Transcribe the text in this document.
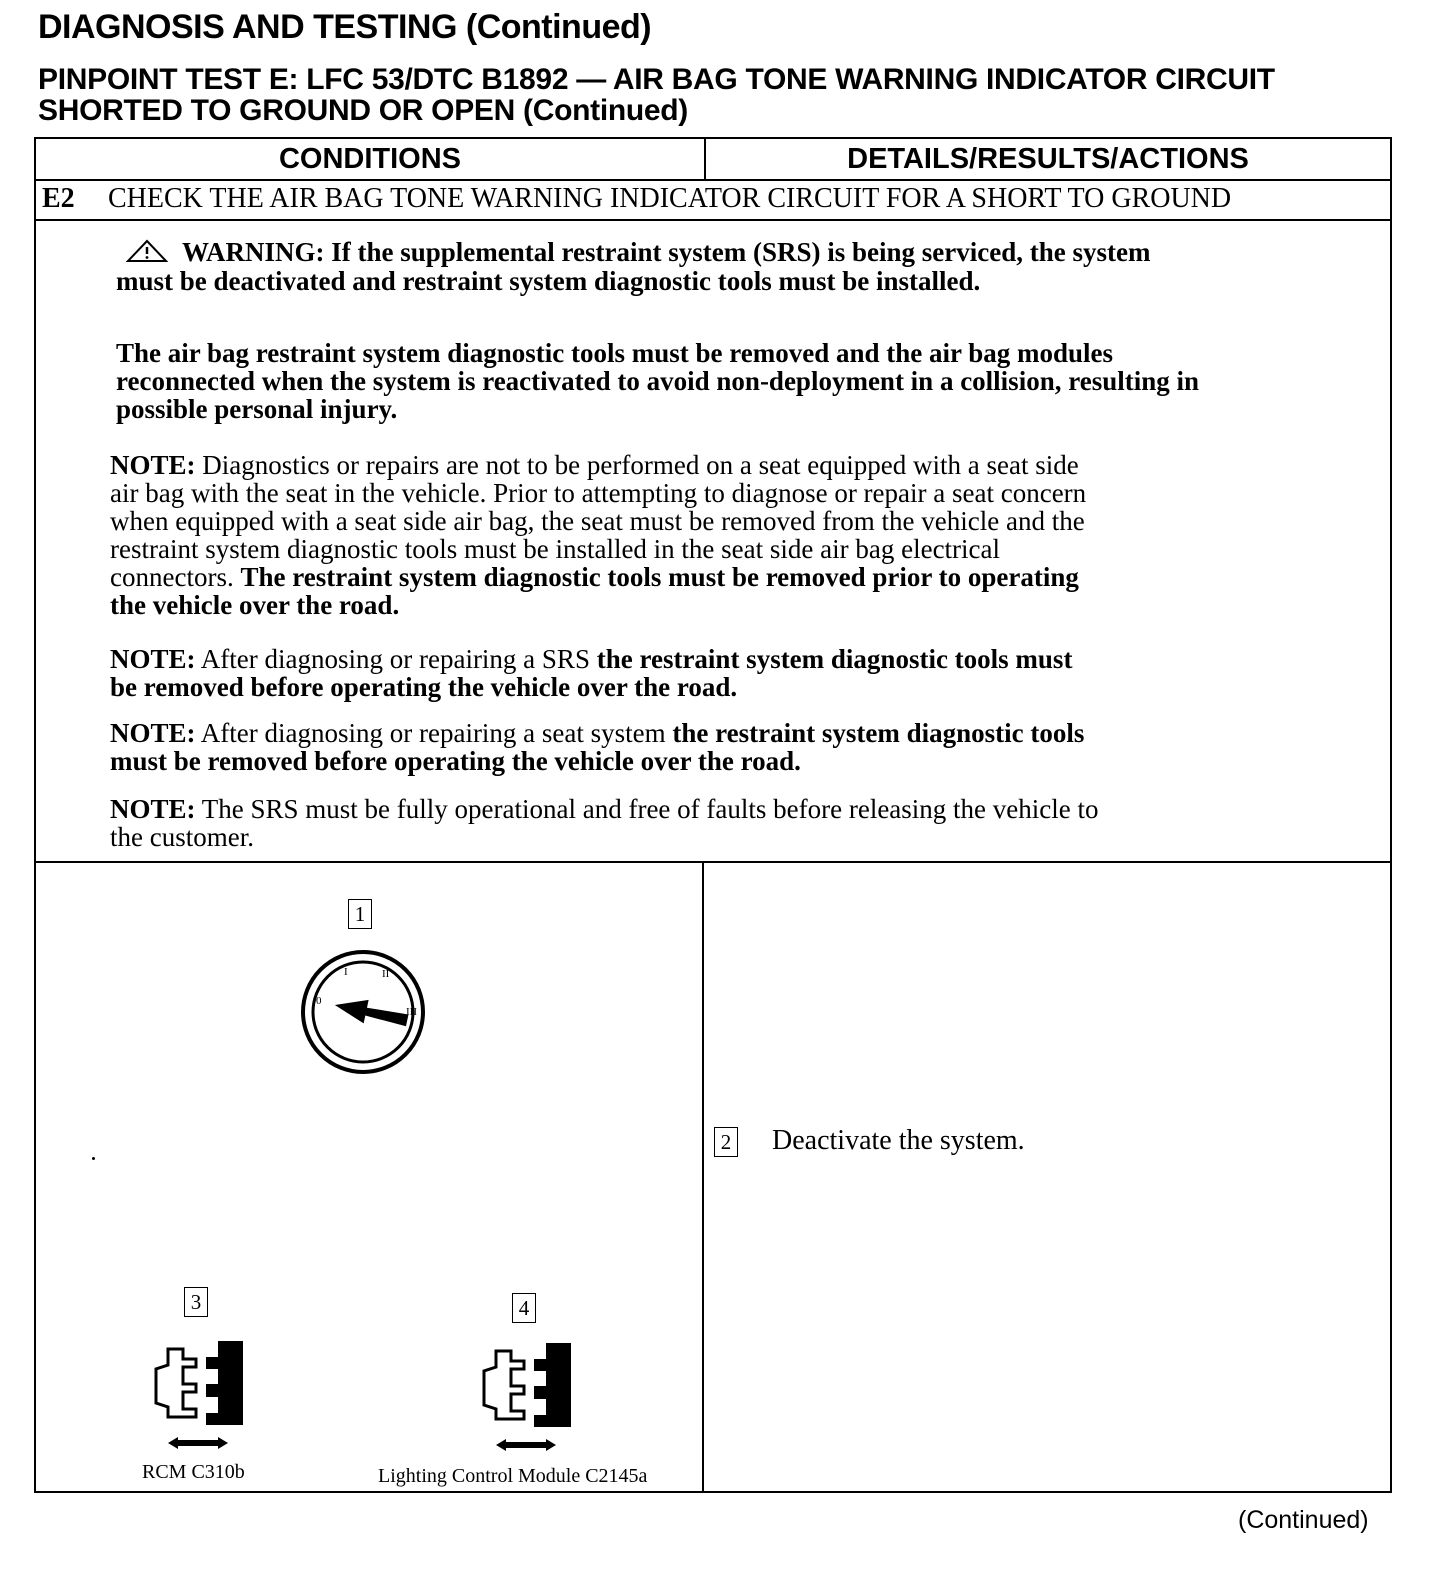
DIAGNOSIS AND TESTING (Continued)
PINPOINT TEST E: LFC 53/DTC B1892 — AIR BAG TONE WARNING INDICATOR CIRCUIT
SHORTED TO GROUND OR OPEN (Continued)
CONDITIONS	DETAILS/RESULTS/ACTIONS
E2	CHECK THE AIR BAG TONE WARNING INDICATOR CIRCUIT FOR A SHORT TO GROUND
WARNING: If the supplemental restraint system (SRS) is being serviced, the system
must be deactivated and restraint system diagnostic tools must be installed.
The air bag restraint system diagnostic tools must be removed and the air bag modules
reconnected when the system is reactivated to avoid non-deployment in a collision, resulting in
possible personal injury.
NOTE: Diagnostics or repairs are not to be performed on a seat equipped with a seat side
air bag with the seat in the vehicle. Prior to attempting to diagnose or repair a seat concern
when equipped with a seat side air bag, the seat must be removed from the vehicle and the
restraint system diagnostic tools must be installed in the seat side air bag electrical
connectors. The restraint system diagnostic tools must be removed prior to operating
the vehicle over the road.
NOTE: After diagnosing or repairing a SRS the restraint system diagnostic tools must
be removed before operating the vehicle over the road.
NOTE: After diagnosing or repairing a seat system the restraint system diagnostic tools
must be removed before operating the vehicle over the road.
NOTE: The SRS must be fully operational and free of faults before releasing the vehicle to
the customer.
1
0
I	II
III
2 Deactivate the system.
3	4
RCM C310b	Lighting Control Module C2145a
(Continued)
